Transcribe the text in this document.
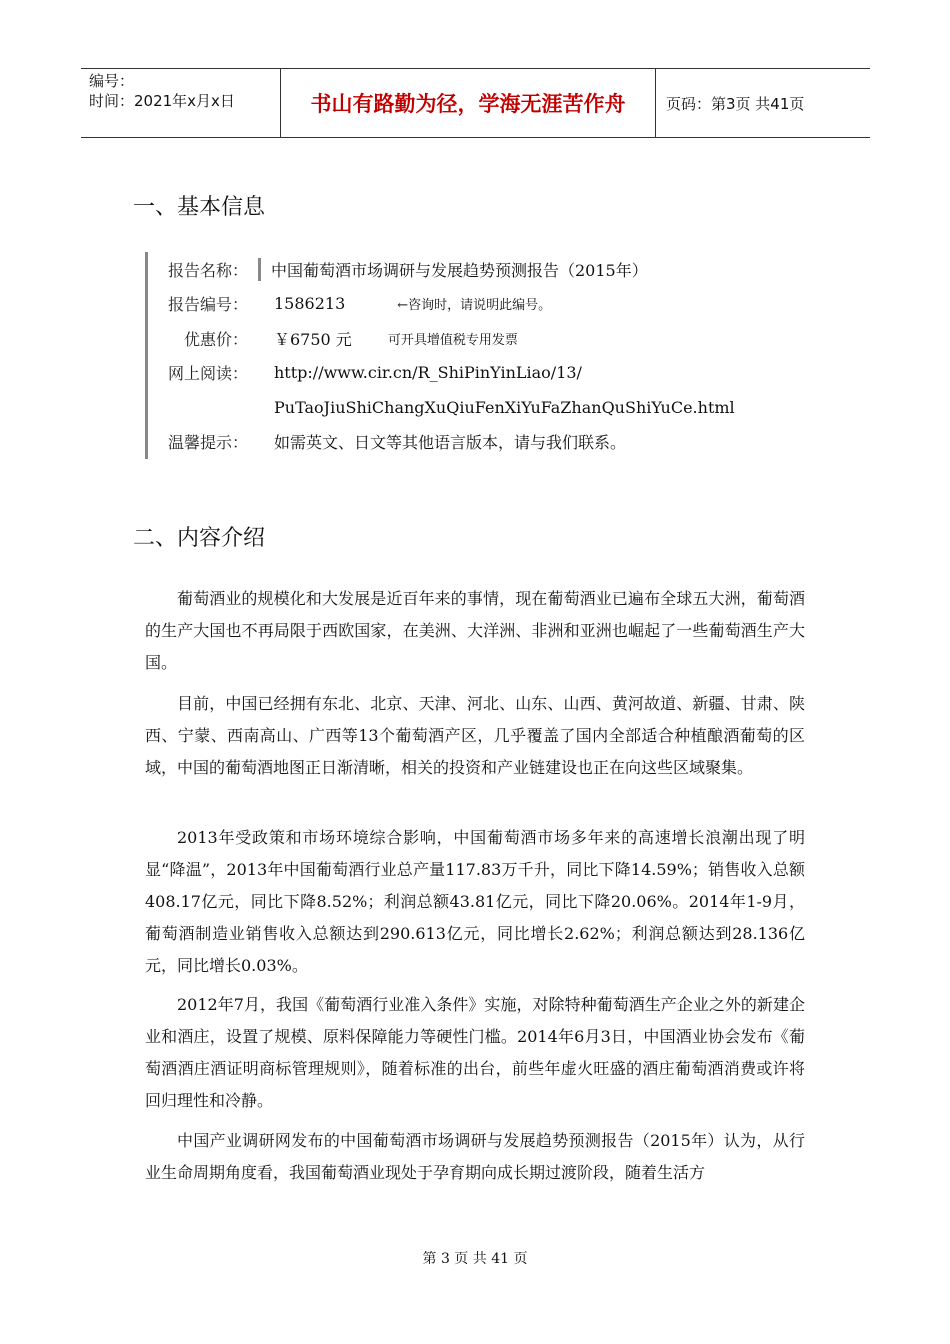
编号：
时间：2021年x月x日	书山有路勤为径，学海无涯苦作舟	页码：第3页 共41页
一、基本信息
报告名称：	中国葡萄酒市场调研与发展趋势预测报告（2015年）
报告编号：	1586213	←咨询时，请说明此编号。
优惠价：	￥6750 元	可开具增值税专用发票
网上阅读：	http://www.cir.cn/R_ShiPinYinLiao/13/
PuTaoJiuShiChangXuQiuFenXiYuFaZhanQuShiYuCe.html
温馨提示：	如需英文、日文等其他语言版本，请与我们联系。
二、内容介绍

葡萄酒业的规模化和大发展是近百年来的事情，现在葡萄酒业已遍布全球五大洲，葡萄酒的生产大国也不再局限于西欧国家，在美洲、大洋洲、非洲和亚洲也崛起了一些葡萄酒生产大国。

目前，中国已经拥有东北、北京、天津、河北、山东、山西、黄河故道、新疆、甘肃、陕西、宁蒙、西南高山、广西等13个葡萄酒产区，几乎覆盖了国内全部适合种植酿酒葡萄的区域，中国的葡萄酒地图正日渐清晰，相关的投资和产业链建设也正在向这些区域聚集。

2013年受政策和市场环境综合影响，中国葡萄酒市场多年来的高速增长浪潮出现了明显“降温”，2013年中国葡萄酒行业总产量117.83万千升，同比下降14.59%；销售收入总额408.17亿元，同比下降8.52%；利润总额43.81亿元，同比下降20.06%。2014年1-9月，葡萄酒制造业销售收入总额达到290.613亿元，同比增长2.62%；利润总额达到28.136亿元，同比增长0.03%。

2012年7月，我国《葡萄酒行业准入条件》实施，对除特种葡萄酒生产企业之外的新建企业和酒庄，设置了规模、原料保障能力等硬性门槛。2014年6月3日，中国酒业协会发布《葡萄酒酒庄酒证明商标管理规则》，随着标准的出台，前些年虚火旺盛的酒庄葡萄酒消费或许将回归理性和冷静。

中国产业调研网发布的中国葡萄酒市场调研与发展趋势预测报告（2015年）认为，从行业生命周期角度看，我国葡萄酒业现处于孕育期向成长期过渡阶段，随着生活方

第 3 页 共 41 页
